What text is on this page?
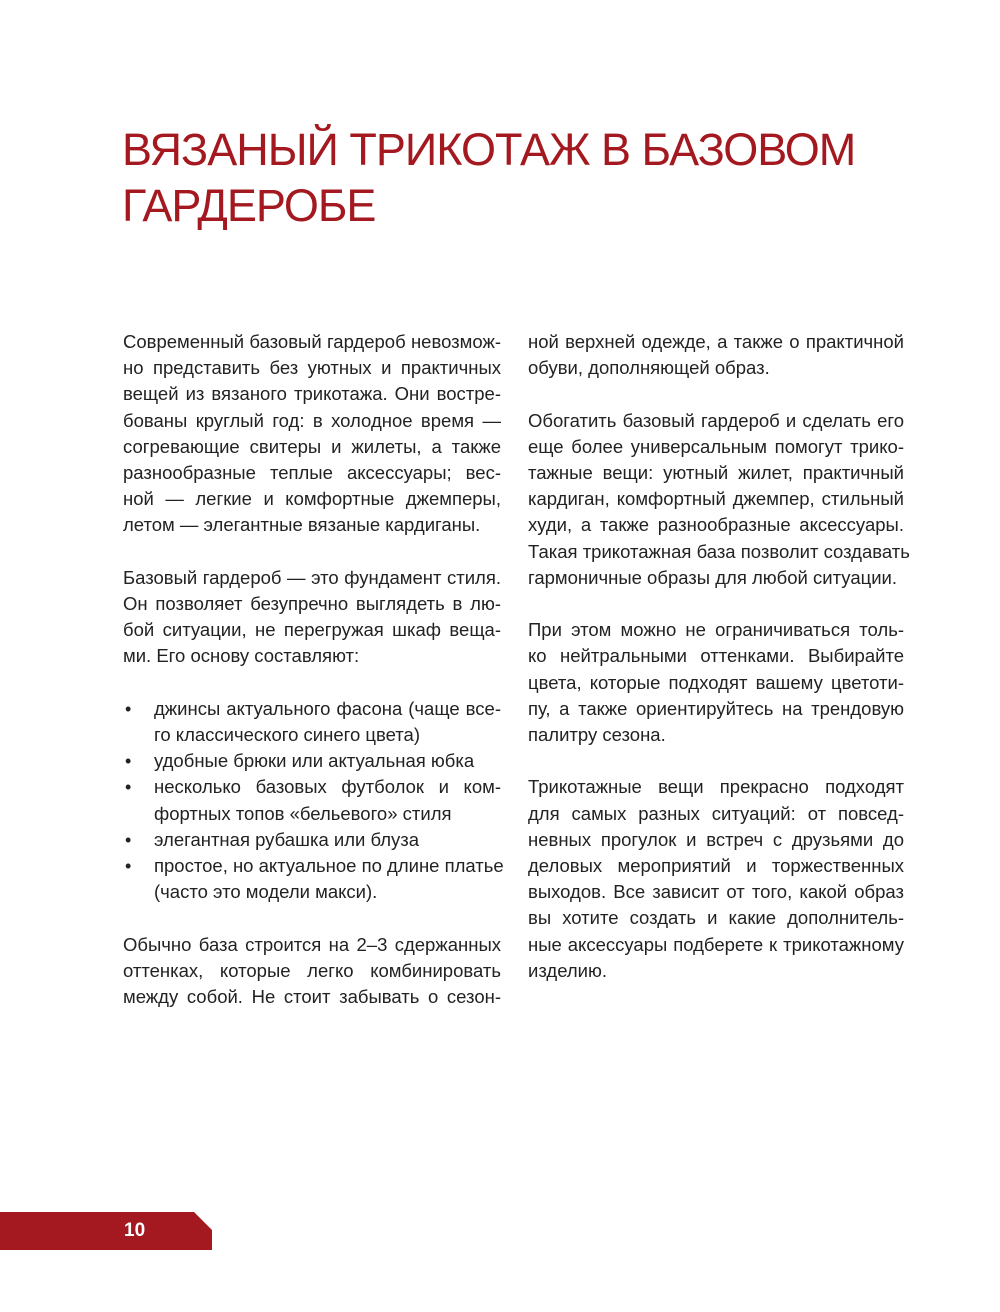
ВЯЗАНЫЙ ТРИКОТАЖ В БАЗОВОМ
ГАРДЕРОБЕ

Современный базовый гардероб невозмож-
но представить без уютных и практичных
вещей из вязаного трикотажа. Они востре-
бованы круглый год: в холодное время —
согревающие свитеры и жилеты, а также
разнообразные теплые аксессуары; вес-
ной — легкие и комфортные джемперы,
летом — элегантные вязаные кардиганы.

Базовый гардероб — это фундамент стиля.
Он позволяет безупречно выглядеть в лю-
бой ситуации, не перегружая шкаф веща-
ми. Его основу составляют:

• джинсы актуального фасона (чаще все-
го классического синего цвета)
• удобные брюки или актуальная юбка
• несколько базовых футболок и ком-
фортных топов «бельевого» стиля
• элегантная рубашка или блуза
• простое, но актуальное по длине платье
(часто это модели макси).

Обычно база строится на 2–3 сдержанных
оттенках, которые легко комбинировать
между собой. Не стоит забывать о сезон-

ной верхней одежде, а также о практичной
обуви, дополняющей образ.

Обогатить базовый гардероб и сделать его
еще более универсальным помогут трико-
тажные вещи: уютный жилет, практичный
кардиган, комфортный джемпер, стильный
худи, а также разнообразные аксессуары.
Такая трикотажная база позволит создавать
гармоничные образы для любой ситуации.

При этом можно не ограничиваться толь-
ко нейтральными оттенками. Выбирайте
цвета, которые подходят вашему цветоти-
пу, а также ориентируйтесь на трендовую
палитру сезона.

Трикотажные вещи прекрасно подходят
для самых разных ситуаций: от повсед-
невных прогулок и встреч с друзьями до
деловых мероприятий и торжественных
выходов. Все зависит от того, какой образ
вы хотите создать и какие дополнитель-
ные аксессуары подберете к трикотажному
изделию.

10
